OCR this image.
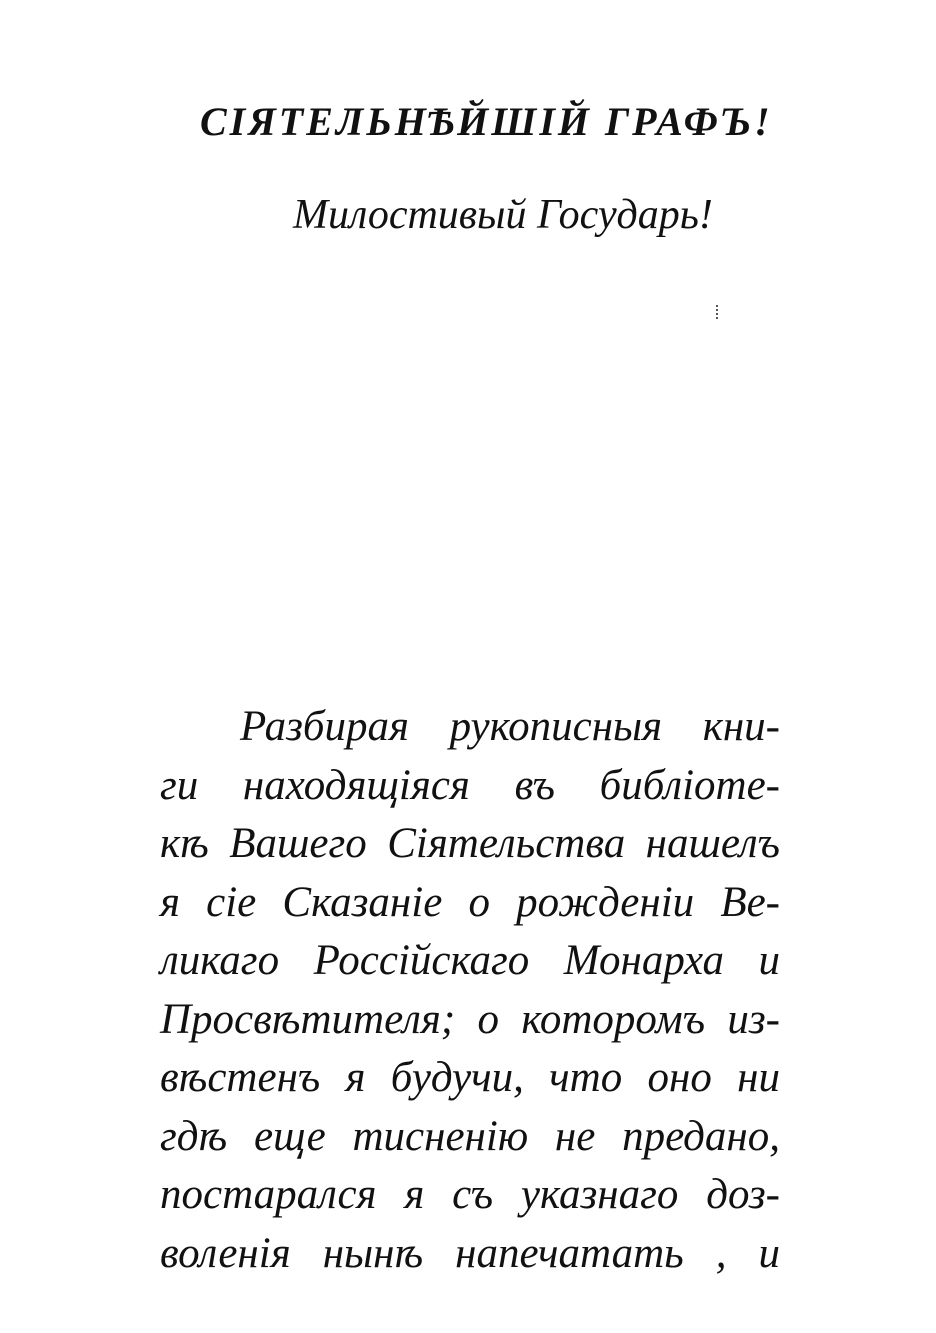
СІЯТЕЛЬНѢЙШІЙ ГРАФЪ!
Милостивый Государь!
Разбирая рукописныя кни-
ги находящіяся въ библіоте-
кѣ Вашего Сіятельства нашелъ
я сіе Сказаніе о рожденіи Ве-
ликаго Россійскаго Монарха и
Просвѣтителя; о которомъ из-
вѣстенъ я будучи, что оно ни
гдѣ еще тисненію не предано,
постарался я съ указнаго доз-
воленія нынѣ напечатать , и
